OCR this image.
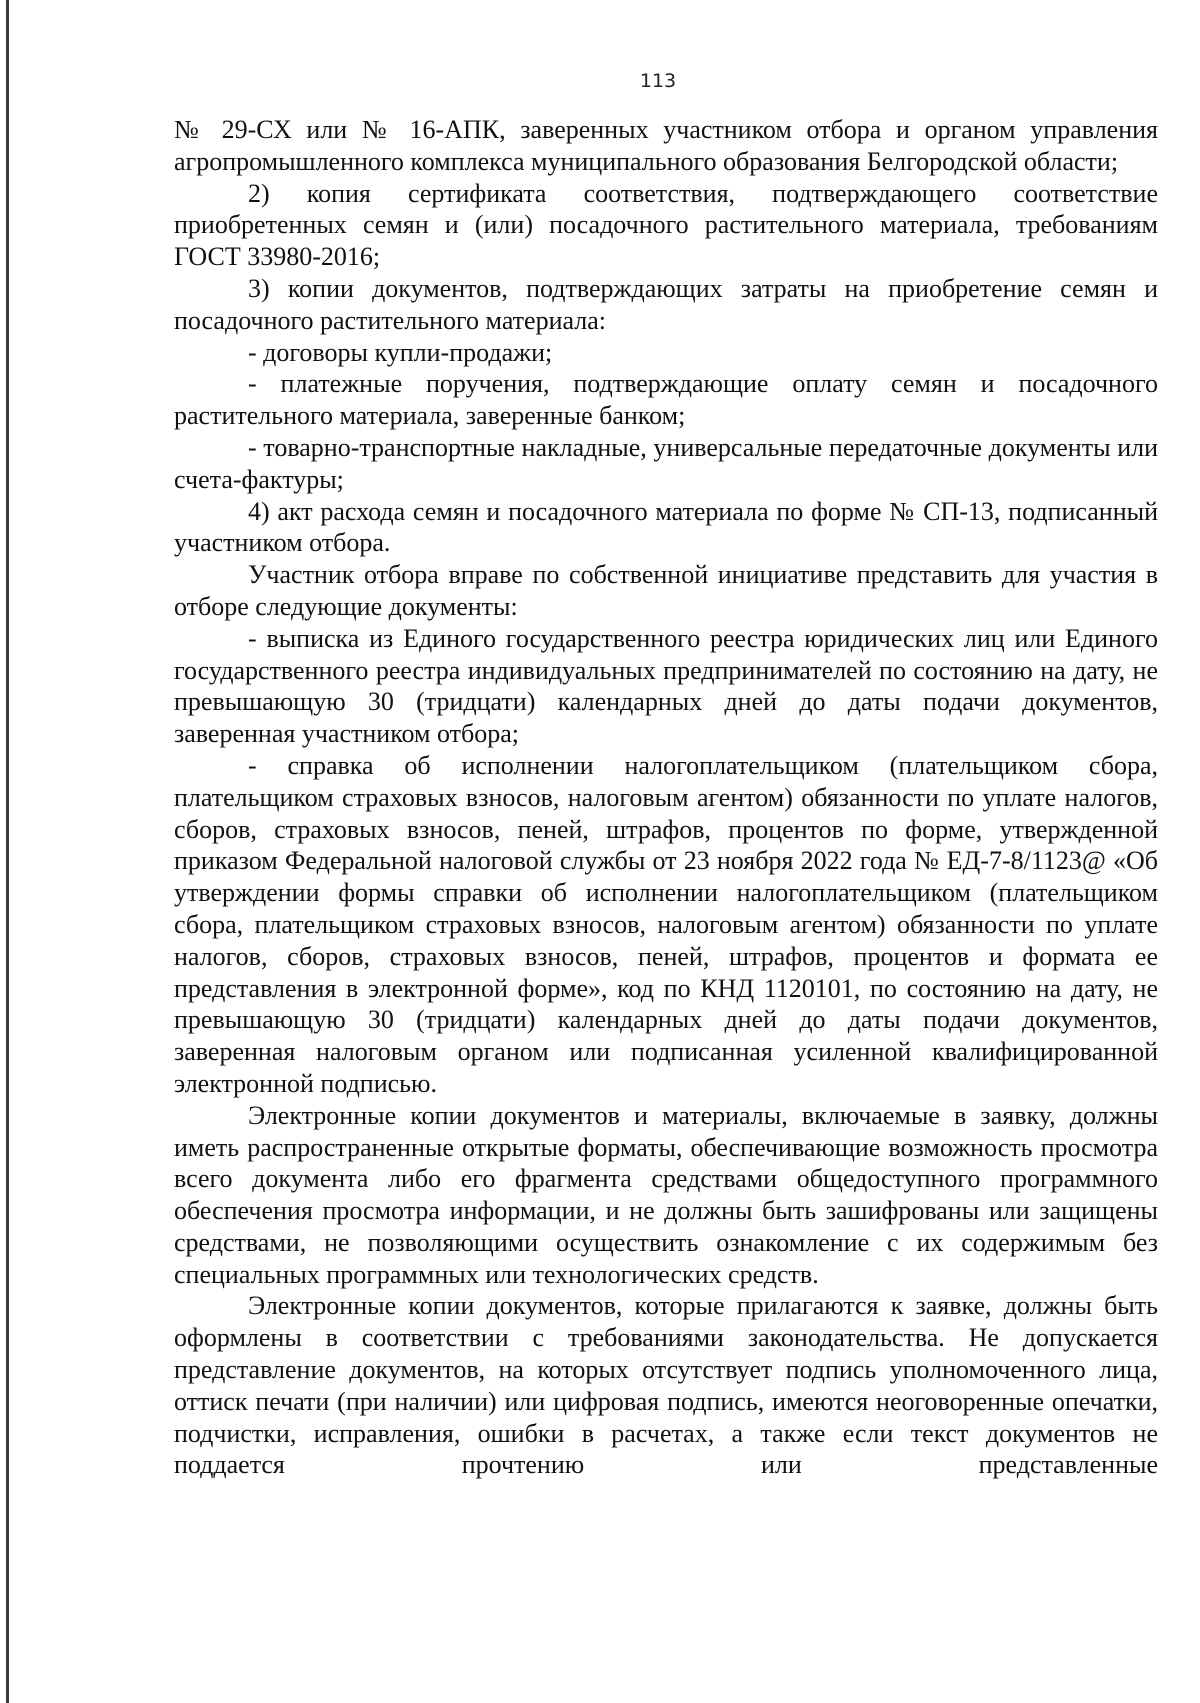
113

№ 29-СХ или № 16-АПК, заверенных участником отбора и органом управления агропромышленного комплекса муниципального образования Белгородской области;

2) копия сертификата соответствия, подтверждающего соответствие приобретенных семян и (или) посадочного растительного материала, требованиям ГОСТ 33980-2016;

3) копии документов, подтверждающих затраты на приобретение семян и посадочного растительного материала:

- договоры купли-продажи;

- платежные поручения, подтверждающие оплату семян и посадочного растительного материала, заверенные банком;

- товарно-транспортные накладные, универсальные передаточные документы или счета-фактуры;

4) акт расхода семян и посадочного материала по форме № СП-13, подписанный участником отбора.

Участник отбора вправе по собственной инициативе представить для участия в отборе следующие документы:

- выписка из Единого государственного реестра юридических лиц или Единого государственного реестра индивидуальных предпринимателей по состоянию на дату, не превышающую 30 (тридцати) календарных дней до даты подачи документов, заверенная участником отбора;

- справка об исполнении налогоплательщиком (плательщиком сбора, плательщиком страховых взносов, налоговым агентом) обязанности по уплате налогов, сборов, страховых взносов, пеней, штрафов, процентов по форме, утвержденной приказом Федеральной налоговой службы от 23 ноября 2022 года № ЕД-7-8/1123@ «Об утверждении формы справки об исполнении налогоплательщиком (плательщиком сбора, плательщиком страховых взносов, налоговым агентом) обязанности по уплате налогов, сборов, страховых взносов, пеней, штрафов, процентов и формата ее представления в электронной форме», код по КНД 1120101, по состоянию на дату, не превышающую 30 (тридцати) календарных дней до даты подачи документов, заверенная налоговым органом или подписанная усиленной квалифицированной электронной подписью.

Электронные копии документов и материалы, включаемые в заявку, должны иметь распространенные открытые форматы, обеспечивающие возможность просмотра всего документа либо его фрагмента средствами общедоступного программного обеспечения просмотра информации, и не должны быть зашифрованы или защищены средствами, не позволяющими осуществить ознакомление с их содержимым без специальных программных или технологических средств.

Электронные копии документов, которые прилагаются к заявке, должны быть оформлены в соответствии с требованиями законодательства. Не допускается представление документов, на которых отсутствует подпись уполномоченного лица, оттиск печати (при наличии) или цифровая подпись, имеются неоговоренные опечатки, подчистки, исправления, ошибки в расчетах, а также если текст документов не поддается прочтению или представленные
